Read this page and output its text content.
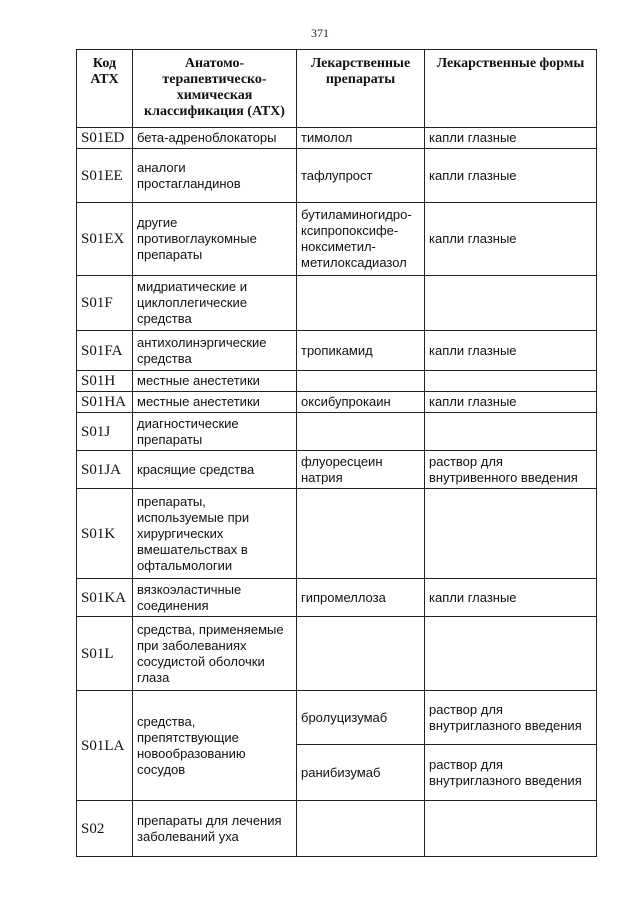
371
Код АТХ	Анатомо-терапевтическо-химическая классификация (АТХ)	Лекарственные препараты	Лекарственные формы
S01ED	бета-адреноблокаторы	тимолол	капли глазные
S01EE	аналоги простагландинов	тафлупрост	капли глазные
S01EX	другие противоглаукомные препараты	бутиламиногидро-ксипропоксифе-ноксиметил-метилоксадиазол	капли глазные
S01F	мидриатические и циклоплегические средства		
S01FA	антихолинэргические средства	тропикамид	капли глазные
S01H	местные анестетики		
S01HA	местные анестетики	оксибупрокаин	капли глазные
S01J	диагностические препараты		
S01JA	красящие средства	флуоресцеин натрия	раствор для внутривенного введения
S01K	препараты, используемые при хирургических вмешательствах в офтальмологии		
S01KA	вязкоэластичные соединения	гипромеллоза	капли глазные
S01L	средства, применяемые при заболеваниях сосудистой оболочки глаза		
S01LA	средства, препятствующие новообразованию сосудов	бролуцизумаб	раствор для внутриглазного введения
		ранибизумаб	раствор для внутриглазного введения
S02	препараты для лечения заболеваний уха		
